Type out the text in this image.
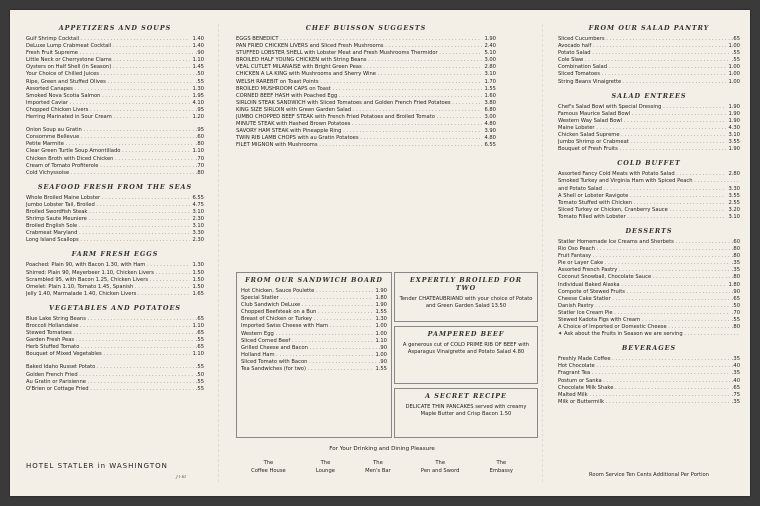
APPETIZERS AND SOUPS
Gulf Shrimp Cocktail . . .	1.40
DeLuxe Lump Crabmeat Cocktail . . .	1.40
Fresh Fruit Supreme . . .	.90
Little Neck or Cherrystone Clams . . .	1.10
Oysters on Half Shell (in Season) . . .	1.45
Your Choice of Chilled Juices . . .	.50
Ripe, Green and Stuffed Olives . . .	.55
Assorted Canapes . . .	1.30
Smoked Nova Scotia Salmon . . .	1.95
Imported Caviar . . .	4.10
Chopped Chicken Livers . . .	.95
Herring Marinated in Sour Cream . . .	1.20
Onion Soup au Gratin . . .	.95
Consomme Bellevue . . .	.60
Petite Marmite . . .	.80
Clear Green Turtle Soup Amontillado . . .	1.10
Chicken Broth with Diced Chicken . . .	.70
Cream of Tomato Profiterole . . .	.70
Cold Vichyssoise . . .	.80
SEAFOOD FRESH FROM THE SEAS
Whole Broiled Maine Lobster . . .	6.55
Jumbo Lobster Tail, Broiled . . .	4.75
Broiled Swordfish Steak . . .	3.10
Shrimp Saute Meuniere . . .	2.30
Broiled English Sole . . .	3.10
Crabmeat Maryland . . .	3.30
Long Island Scallops . . .	2.30
FARM FRESH EGGS
Poached: Plain 90, with Bacon 1.30, with Ham . . .	1.30
Shirred: Plain 90, Meyerbeer 1.10, Chicken Livers . . .	1.50
Scrambled 95, with Bacon 1.25, Chicken Livers . . .	1.50
Omelet: Plain 1.10, Tomato 1.45, Spanish . . .	1.50
Jelly 1.40, Marmalade 1.40, Chicken Livers . . .	1.65
VEGETABLES AND POTATOES
Blue Lake String Beans . . .	.65
Broccoli Hollandaise . . .	1.10
Stewed Tomatoes . . .	.65
Garden Fresh Peas . . .	.55
Herb Stuffed Tomato . . .	.65
Bouquet of Mixed Vegetables . . .	1.10
Baked Idaho Russet Potato . . .	.55
Golden French Fried . . .	.50
Au Gratin or Parisienne . . .	.55
O'Brien or Cottage Fried . . .	.55
CHEF BUISSON SUGGESTS
EGGS BENEDICT . . .	1.90
PAN FRIED CHICKEN LIVERS and Sliced Fresh Mushrooms . . .	2.40
STUFFED LOBSTER SHELL with Lobster Meat and Fresh Mushrooms Thermidor . . .	5.10
BROILED HALF YOUNG CHICKEN with String Beans . . .	3.00
VEAL CUTLET MILANAISE with Bright Green Peas . . .	2.80
CHICKEN A LA KING with Mushrooms and Sherry Wine . . .	3.10
WELSH RAREBIT on Toast Points . . .	1.70
BROILED MUSHROOM CAPS on Toast . . .	1.55
CORNED BEEF HASH with Poached Egg . . .	1.60
SIRLOIN STEAK SANDWICH with Sliced Tomatoes and Golden French Fried Potatoes . . .	3.80
KING SIZE SIRLOIN with Green Garden Salad . . .	6.80
JUMBO CHOPPED BEEF STEAK with French Fried Potatoes and Broiled Tomato . . .	3.00
MINUTE STEAK with Hashed Brown Potatoes . . .	4.80
SAVORY HAM STEAK with Pineapple Ring . . .	3.90
TWIN RIB LAMB CHOPS with au Gratin Potatoes . . .	4.80
FILET MIGNON with Mushrooms . . .	6.55
FROM OUR SALAD PANTRY
Sliced Cucumbers . . .	.65
Avocado half . . .	1.00
Potato Salad . . .	.55
Cole Slaw . . .	.55
Combination Salad . . .	1.00
Sliced Tomatoes . . .	1.00
String Beans Vinaigrette . . .	1.00
SALAD ENTREES
Chef's Salad Bowl with Special Dressing . . .	1.90
Famous Maurice Salad Bowl . . .	1.90
Western Way Salad Bowl . . .	1.90
Maine Lobster . . .	4.30
Chicken Salad Supreme . . .	3.10
Jumbo Shrimp or Crabmeat . . .	3.55
Bouquet of Fresh Fruits . . .	1.90
COLD BUFFET
Assorted Fancy Cold Meats with Potato Salad . . .	2.80
Smoked Turkey and Virginia Ham with Spiced Peach . . .
and Potato Salad . . .	3.30
A Shell or Lobster Ravigote . . .	3.55
Tomato Stuffed with Chicken . . .	2.55
Sliced Turkey or Chicken, Cranberry Sauce . . .	3.20
Tomato Filled with Lobster . . .	3.10
DESSERTS
Statler Homemade Ice Creams and Sherbets . . .	.60
Rio Oso Peach . . .	.80
Fruit Fantasy . . .	.80
Pie or Layer Cake . . .	.35
Assorted French Pastry . . .	.35
Coconut Snowball, Chocolate Sauce . . .	.80
Individual Baked Alaska . . .	1.80
Compote of Stewed Fruits . . .	.90
Cheese Cake Statler . . .	.65
Danish Pastry . . .	.50
Statler Ice Cream Pie . . .	.70
Stewed Kadota Figs with Cream . . .	.55
A Choice of Imported or Domestic Cheese . . .	.80
✦ Ask about the Fruits in Season we are serving . . .
BEVERAGES
Freshly Made Coffee . . .	.35
Hot Chocolate . . .	.40
Fragrant Tea . . .	.35
Postum or Sanka . . .	.40
Chocolate Milk Shake . . .	.65
Malted Milk . . .	.75
Milk or Buttermilk . . .	.35
FROM OUR SANDWICH BOARD
Hot Chicken, Sauce Poulette . . .	1.90
Special Statler . . .	1.80
Club Sandwich DeLuxe . . .	1.90
Chopped Beefsteak on a Bun . . .	1.55
Breast of Chicken or Turkey . . .	1.30
Imported Swiss Cheese with Ham . . .	1.00
Western Egg . . .	1.00
Sliced Corned Beef . . .	1.10
Grilled Cheese and Bacon . . .	.90
Holland Ham . . .	1.00
Sliced Tomato with Bacon . . .	.90
Tea Sandwiches (for two) . . .	1.55
EXPERTLY BROILED FOR TWO
Tender CHATEAUBRIAND with your choice of Potato and Green Garden Salad 13.50
PAMPERED BEEF
A generous cut of COLD PRIME RIB OF BEEF with Asparagus Vinaigrette and Potato Salad 4.80
A SECRET RECIPE
DELICATE THIN PANCAKES served with creamy Maple Butter and Crisp Bacon 1.50
For Your Drinking and Dining Pleasure
The
Coffee House
The
Lounge
The
Men's Bar
The
Pen and Sword
The
Embassy
HOTEL STATLER in WASHINGTON
J-l-Rl	Room Service Ten Cents Additional Per Portion
